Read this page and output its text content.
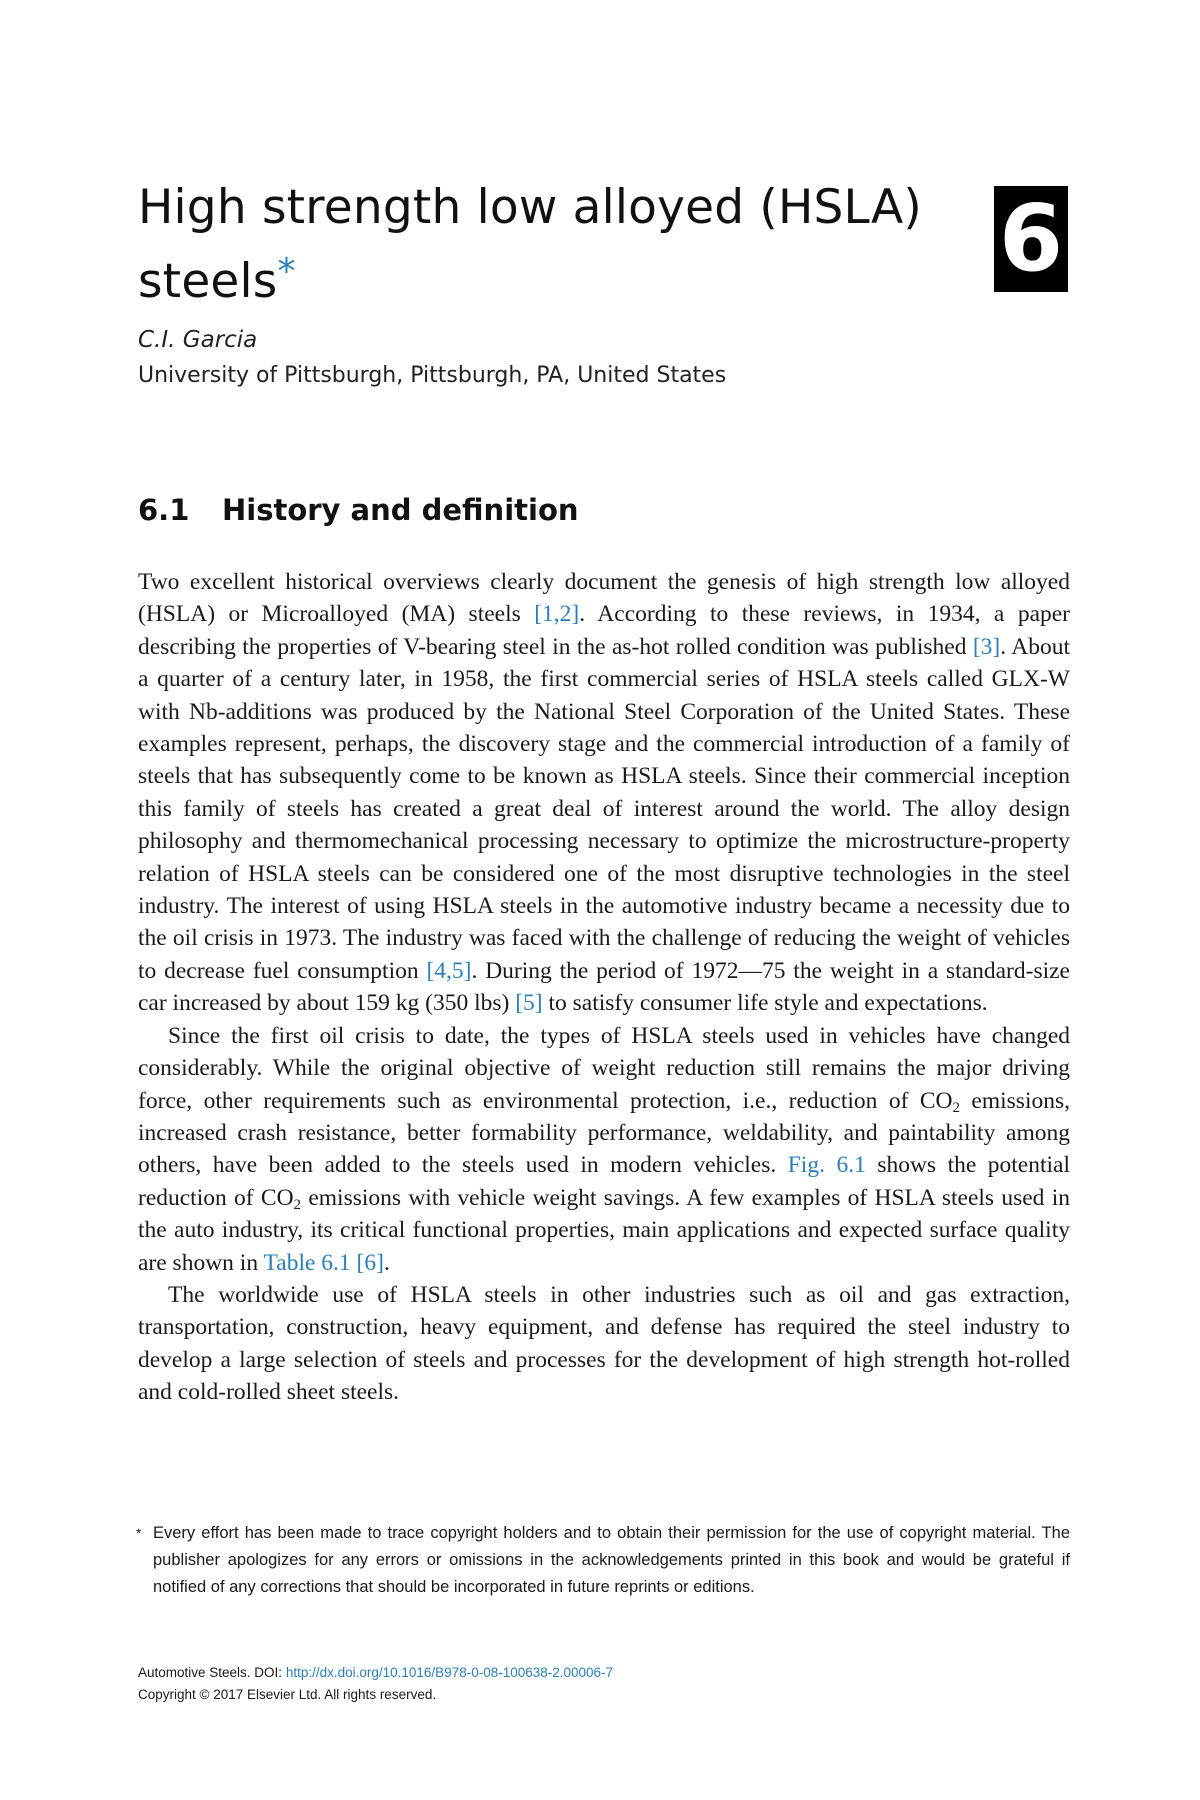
High strength low alloyed (HSLA) steels*	6
C.I. Garcia
University of Pittsburgh, Pittsburgh, PA, United States
6.1 History and definition

Two excellent historical overviews clearly document the genesis of high strength low alloyed (HSLA) or Microalloyed (MA) steels [1,2]. According to these reviews, in 1934, a paper describing the properties of V-bearing steel in the as-hot rolled condition was published [3]. About a quarter of a century later, in 1958, the first commercial series of HSLA steels called GLX-W with Nb-additions was produced by the National Steel Corporation of the United States. These examples represent, perhaps, the discovery stage and the commercial introduction of a family of steels that has subsequently come to be known as HSLA steels. Since their commercial inception this family of steels has created a great deal of interest around the world. The alloy design philosophy and thermomechanical processing necessary to optimize the microstructure-property relation of HSLA steels can be considered one of the most disruptive technologies in the steel industry. The interest of using HSLA steels in the automotive industry became a necessity due to the oil crisis in 1973. The industry was faced with the challenge of reducing the weight of vehicles to decrease fuel consumption [4,5]. During the period of 1972—75 the weight in a standard-size car increased by about 159 kg (350 lbs) [5] to satisfy consumer life style and expectations.

Since the first oil crisis to date, the types of HSLA steels used in vehicles have changed considerably. While the original objective of weight reduction still remains the major driving force, other requirements such as environmental protection, i.e., reduction of $CO_2$ emissions, increased crash resistance, better formability performance, weldability, and paintability among others, have been added to the steels used in modern vehicles. Fig. 6.1 shows the potential reduction of $CO_2$ emissions with vehicle weight savings. A few examples of HSLA steels used in the auto industry, its critical functional properties, main applications and expected surface quality are shown in Table 6.1 [6].

The worldwide use of HSLA steels in other industries such as oil and gas extraction, transportation, construction, heavy equipment, and defense has required the steel industry to develop a large selection of steels and processes for the development of high strength hot-rolled and cold-rolled sheet steels.

* Every effort has been made to trace copyright holders and to obtain their permission for the use of copyright material. The publisher apologizes for any errors or omissions in the acknowledgements printed in this book and would be grateful if notified of any corrections that should be incorporated in future reprints or editions.
Automotive Steels. DOI: http://dx.doi.org/10.1016/B978-0-08-100638-2.00006-7
Copyright © 2017 Elsevier Ltd. All rights reserved.
